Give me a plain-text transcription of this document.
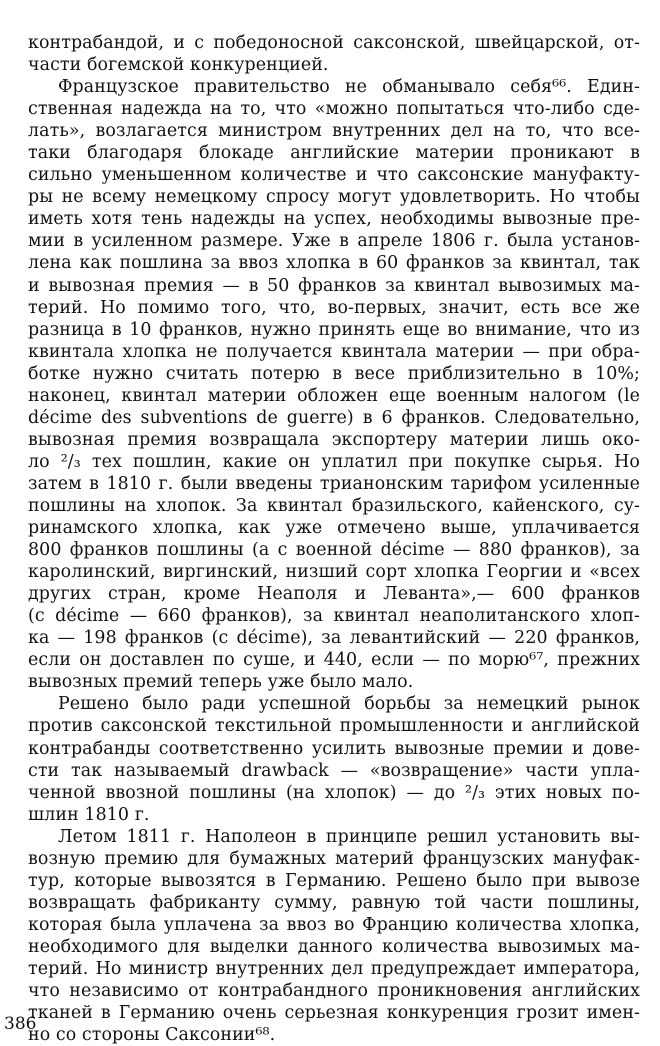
контрабандой, и с победоносной саксонской, швейцарской, от-
части богемской конкуренцией.
Французское правительство не обманывало себя⁶⁶. Един-
ственная надежда на то, что «можно попытаться что-либо сде-
лать», возлагается министром внутренних дел на то, что все-
таки благодаря блокаде английские материи проникают в
сильно уменьшенном количестве и что саксонские мануфакту-
ры не всему немецкому спросу могут удовлетворить. Но чтобы
иметь хотя тень надежды на успех, необходимы вывозные пре-
мии в усиленном размере. Уже в апреле 1806 г. была установ-
лена как пошлина за ввоз хлопка в 60 франков за квинтал, так
и вывозная премия — в 50 франков за квинтал вывозимых ма-
терий. Но помимо того, что, во-первых, значит, есть все же
разница в 10 франков, нужно принять еще во внимание, что из
квинтала хлопка не получается квинтала материи — при обра-
ботке нужно считать потерю в весе приблизительно в 10%;
наконец, квинтал материи обложен еще военным налогом (le
décime des subventions de guerre) в 6 франков. Следовательно,
вывозная премия возвращала экспортеру материи лишь око-
ло ²/₃ тех пошлин, какие он уплатил при покупке сырья. Но
затем в 1810 г. были введены трианонским тарифом усиленные
пошлины на хлопок. За квинтал бразильского, кайенского, су-
ринамского хлопка, как уже отмечено выше, уплачивается
800 франков пошлины (а с военной décime — 880 франков), за
каролинский, виргинский, низший сорт хлопка Георгии и «всех
других стран, кроме Неаполя и Леванта»,— 600 франков
(с décime — 660 франков), за квинтал неаполитанского хлоп-
ка — 198 франков (с décime), за левантийский — 220 франков,
если он доставлен по суше, и 440, если — по морю⁶⁷, прежних
вывозных премий теперь уже было мало.
Решено было ради успешной борьбы за немецкий рынок
против саксонской текстильной промышленности и английской
контрабанды соответственно усилить вывозные премии и дове-
сти так называемый drawback — «возвращение» части упла-
ченной ввозной пошлины (на хлопок) — до ²/₃ этих новых по-
шлин 1810 г.
Летом 1811 г. Наполеон в принципе решил установить вы-
возную премию для бумажных материй французских мануфак-
тур, которые вывозятся в Германию. Решено было при вывозе
возвращать фабриканту сумму, равную той части пошлины,
которая была уплачена за ввоз во Францию количества хлопка,
необходимого для выделки данного количества вывозимых ма-
терий. Но министр внутренних дел предупреждает императора,
что независимо от контрабандного проникновения английских
тканей в Германию очень серьезная конкуренция грозит имен-
но со стороны Саксонии⁶⁸.
386
